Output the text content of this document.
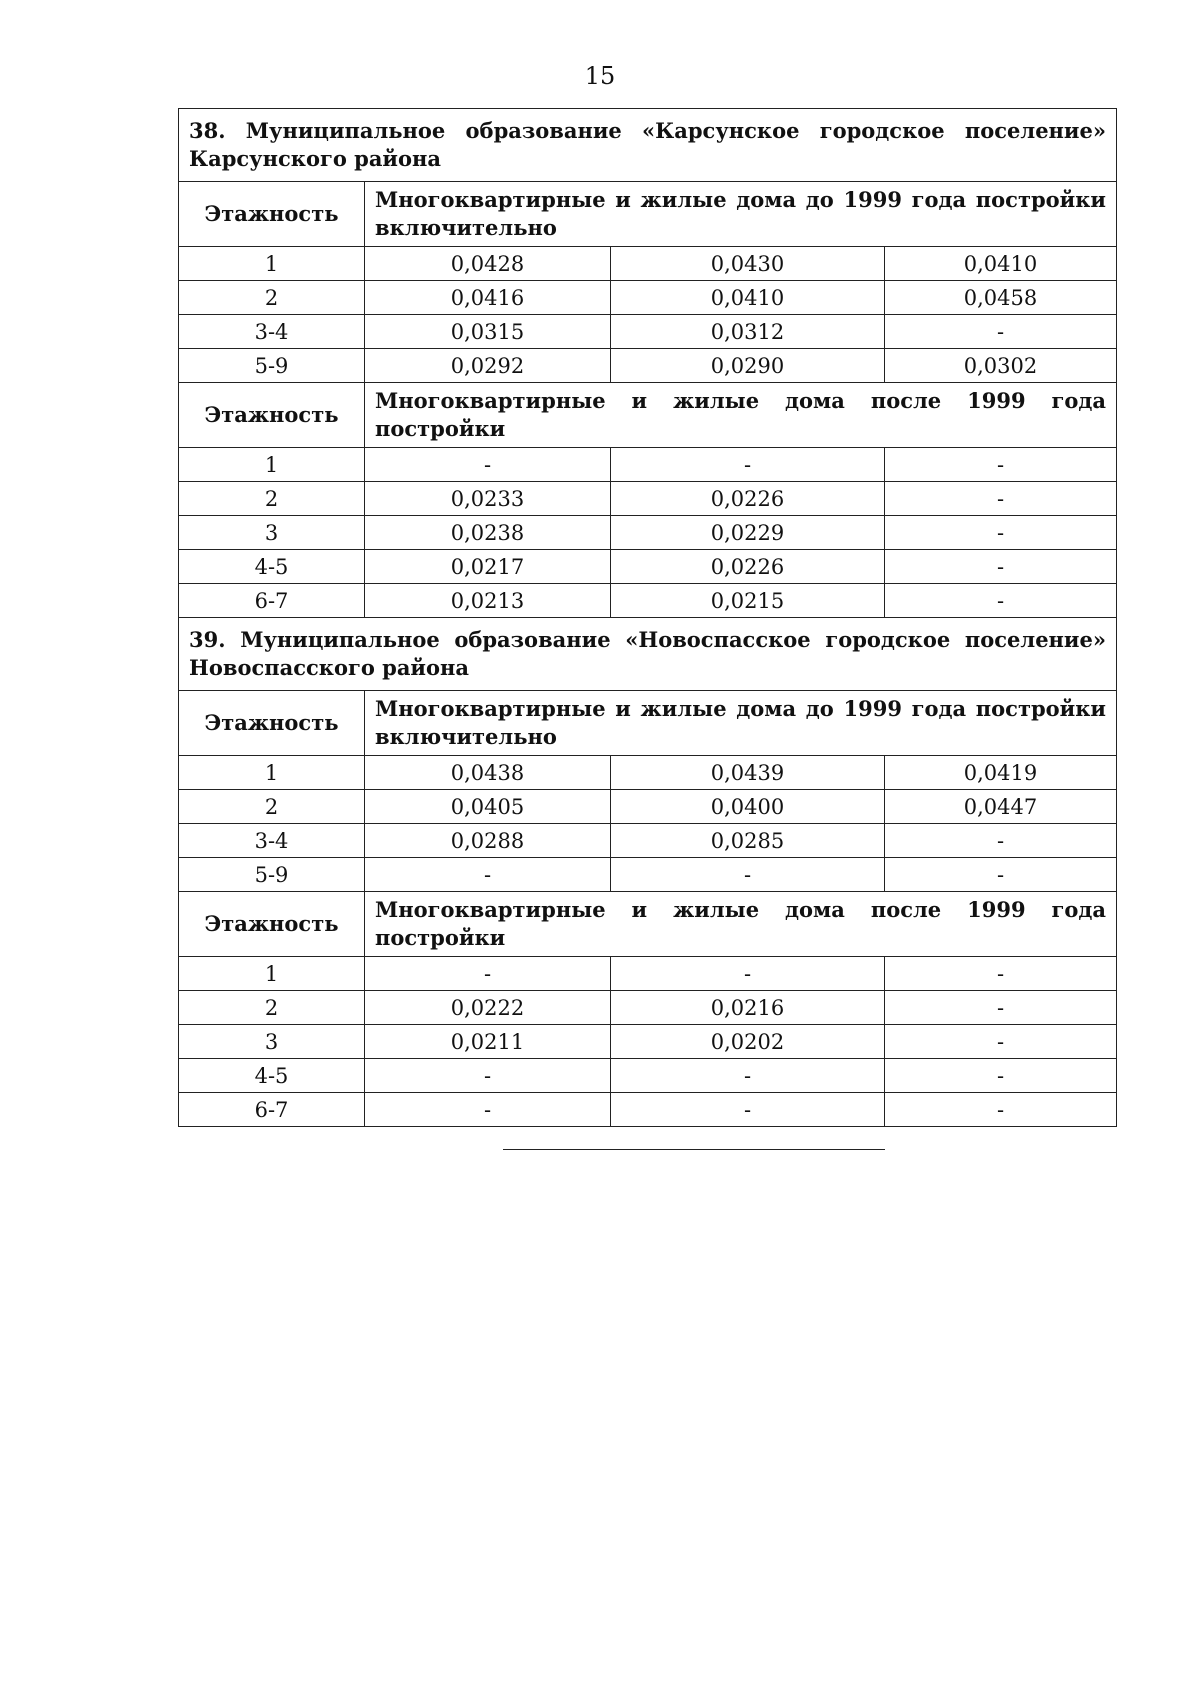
15
38. Муниципальное образование «Карсунское городское поселение» Карсунского района			
Этажность	Многоквартирные и жилые дома до 1999 года постройки включительно		
1	0,0428	0,0430	0,0410
2	0,0416	0,0410	0,0458
3-4	0,0315	0,0312	-
5-9	0,0292	0,0290	0,0302
Этажность	Многоквартирные и жилые дома после 1999 года постройки		
1	-	-	-
2	0,0233	0,0226	-
3	0,0238	0,0229	-
4-5	0,0217	0,0226	-
6-7	0,0213	0,0215	-
39. Муниципальное образование «Новоспасское городское поселение» Новоспасского района			
Этажность	Многоквартирные и жилые дома до 1999 года постройки включительно		
1	0,0438	0,0439	0,0419
2	0,0405	0,0400	0,0447
3-4	0,0288	0,0285	-
5-9	-	-	-
Этажность	Многоквартирные и жилые дома после 1999 года постройки		
1	-	-	-
2	0,0222	0,0216	-
3	0,0211	0,0202	-
4-5	-	-	-
6-7	-	-	-
